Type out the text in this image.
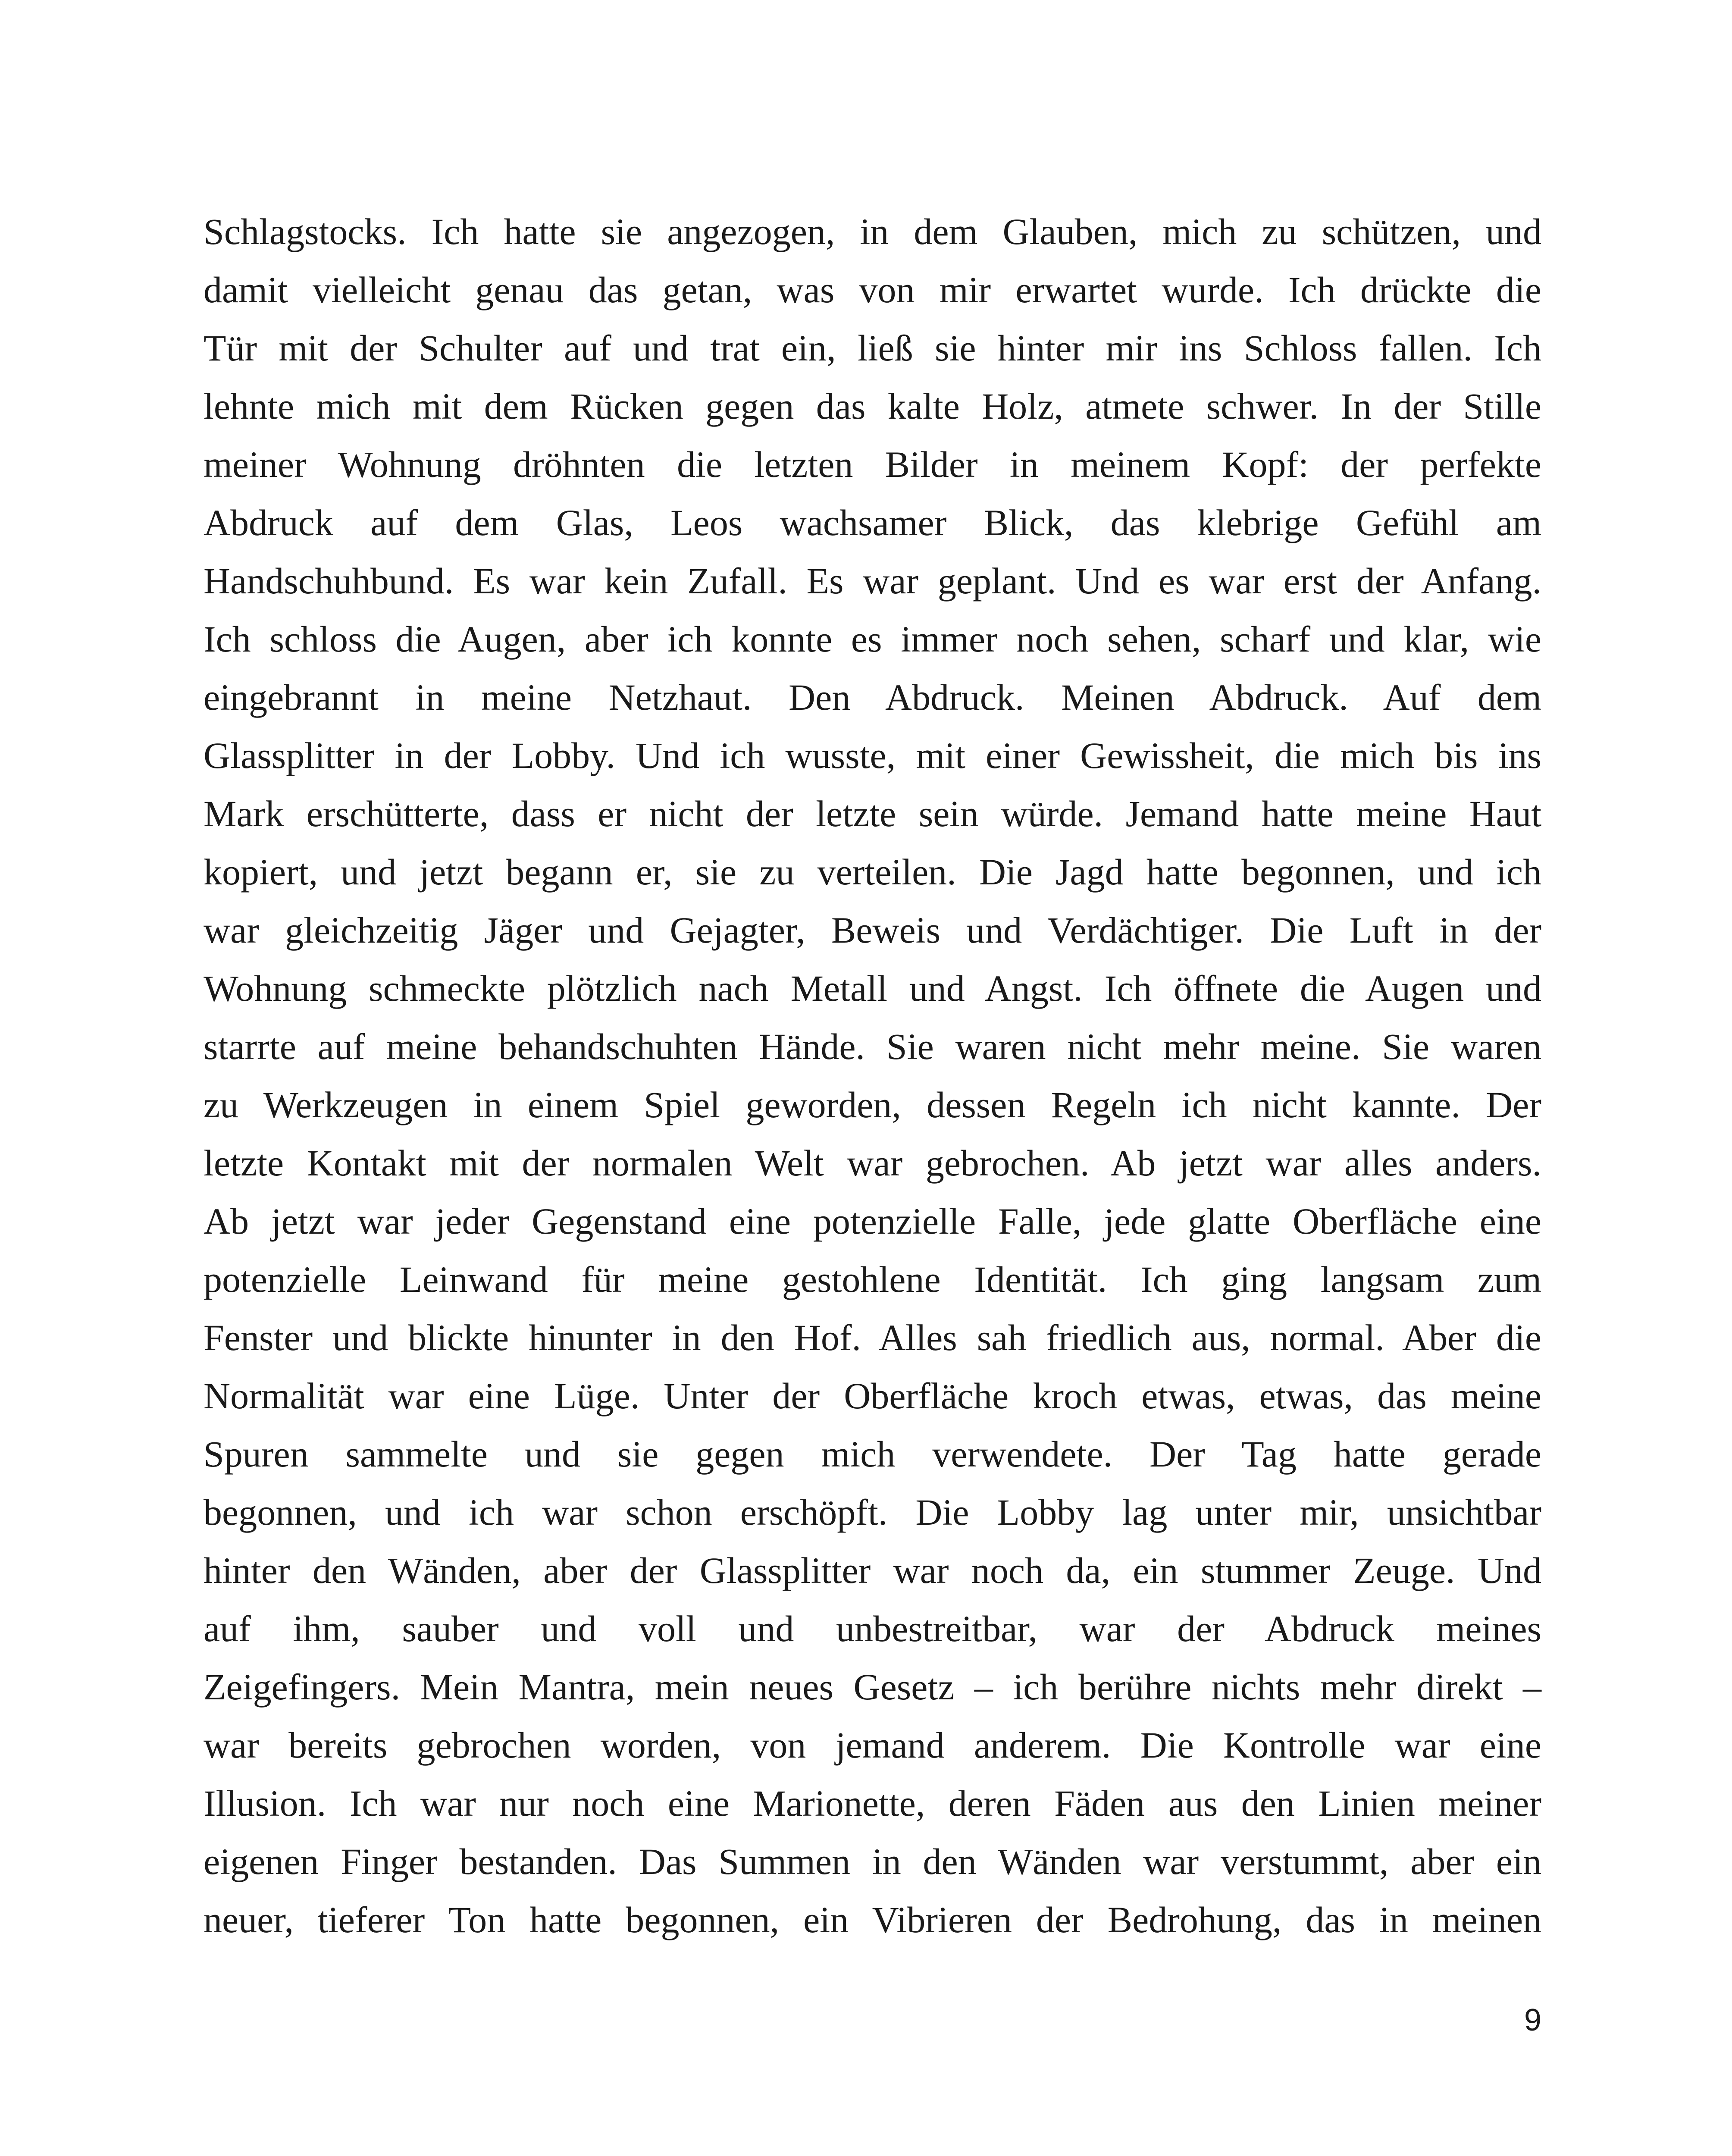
Schlagstocks. Ich hatte sie angezogen, in dem Glauben, mich zu schützen, und
damit vielleicht genau das getan, was von mir erwartet wurde. Ich drückte die
Tür mit der Schulter auf und trat ein, ließ sie hinter mir ins Schloss fallen. Ich
lehnte mich mit dem Rücken gegen das kalte Holz, atmete schwer. In der Stille
meiner Wohnung dröhnten die letzten Bilder in meinem Kopf: der perfekte
Abdruck auf dem Glas, Leos wachsamer Blick, das klebrige Gefühl am
Handschuhbund. Es war kein Zufall. Es war geplant. Und es war erst der Anfang.
Ich schloss die Augen, aber ich konnte es immer noch sehen, scharf und klar, wie
eingebrannt in meine Netzhaut. Den Abdruck. Meinen Abdruck. Auf dem
Glassplitter in der Lobby. Und ich wusste, mit einer Gewissheit, die mich bis ins
Mark erschütterte, dass er nicht der letzte sein würde. Jemand hatte meine Haut
kopiert, und jetzt begann er, sie zu verteilen. Die Jagd hatte begonnen, und ich
war gleichzeitig Jäger und Gejagter, Beweis und Verdächtiger. Die Luft in der
Wohnung schmeckte plötzlich nach Metall und Angst. Ich öffnete die Augen und
starrte auf meine behandschuhten Hände. Sie waren nicht mehr meine. Sie waren
zu Werkzeugen in einem Spiel geworden, dessen Regeln ich nicht kannte. Der
letzte Kontakt mit der normalen Welt war gebrochen. Ab jetzt war alles anders.
Ab jetzt war jeder Gegenstand eine potenzielle Falle, jede glatte Oberfläche eine
potenzielle Leinwand für meine gestohlene Identität. Ich ging langsam zum
Fenster und blickte hinunter in den Hof. Alles sah friedlich aus, normal. Aber die
Normalität war eine Lüge. Unter der Oberfläche kroch etwas, etwas, das meine
Spuren sammelte und sie gegen mich verwendete. Der Tag hatte gerade
begonnen, und ich war schon erschöpft. Die Lobby lag unter mir, unsichtbar
hinter den Wänden, aber der Glassplitter war noch da, ein stummer Zeuge. Und
auf ihm, sauber und voll und unbestreitbar, war der Abdruck meines
Zeigefingers. Mein Mantra, mein neues Gesetz – ich berühre nichts mehr direkt –
war bereits gebrochen worden, von jemand anderem. Die Kontrolle war eine
Illusion. Ich war nur noch eine Marionette, deren Fäden aus den Linien meiner
eigenen Finger bestanden. Das Summen in den Wänden war verstummt, aber ein
neuer, tieferer Ton hatte begonnen, ein Vibrieren der Bedrohung, das in meinen
9
